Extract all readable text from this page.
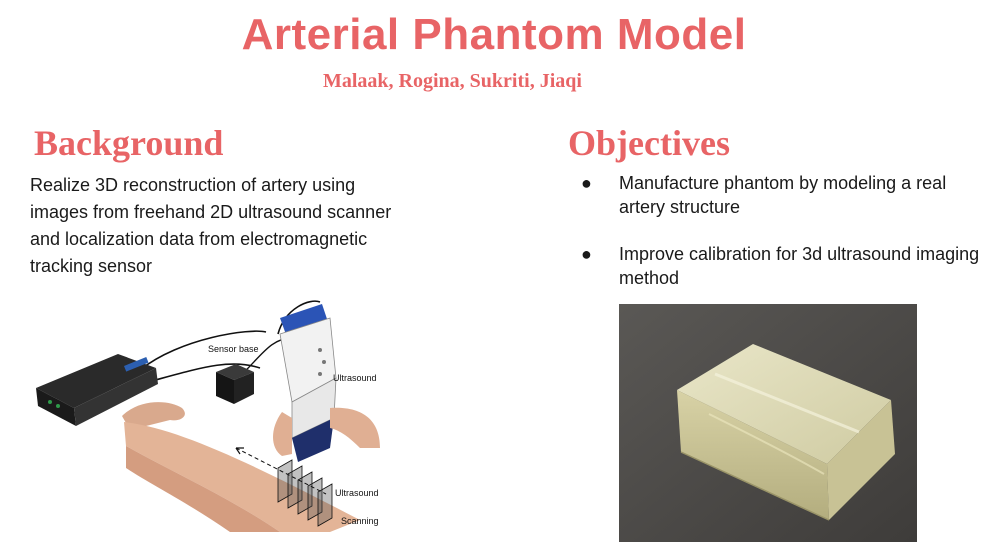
Arterial Phantom Model
Malaak, Rogina, Sukriti, Jiaqi
Background
Realize 3D reconstruction of artery using images from freehand 2D ultrasound scanner and localization data from electromagnetic tracking sensor
Objectives
● Manufacture phantom by modeling a real artery structure
● Improve calibration for 3d ultrasound imaging method
Sensor base
Ultrasound
Ultrasound
Scanning
